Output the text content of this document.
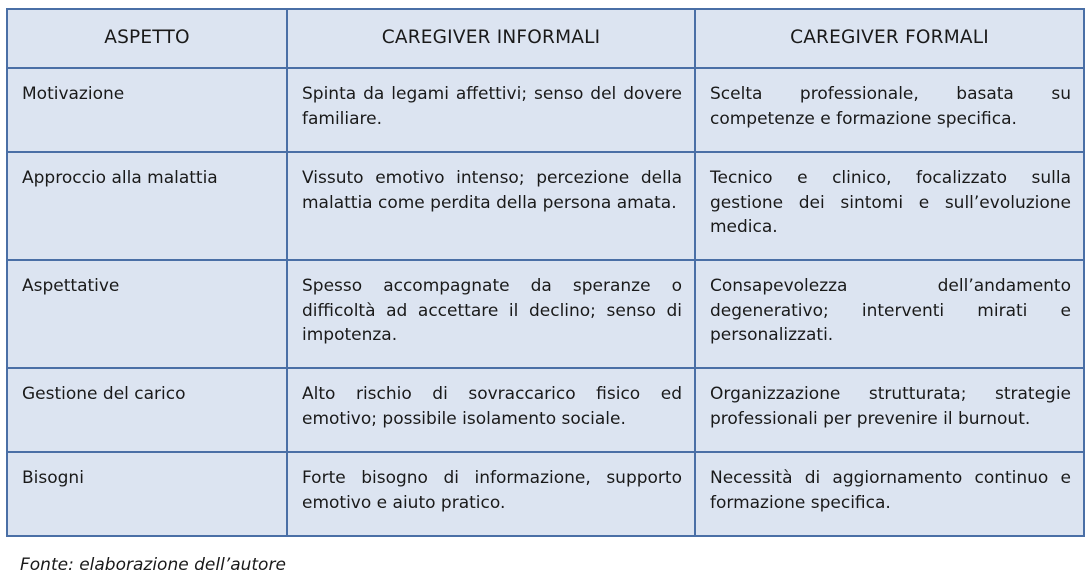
ASPETTO	CAREGIVER INFORMALI	CAREGIVER FORMALI
Motivazione	Spinta da legami affettivi; senso del dovere familiare.	Scelta professionale, basata su competenze e formazione specifica.
Approccio alla malattia	Vissuto emotivo intenso; percezione della malattia come perdita della persona amata.	Tecnico e clinico, focalizzato sulla gestione dei sintomi e sull’evoluzione medica.
Aspettative	Spesso accompagnate da speranze o difficoltà ad accettare il declino; senso di impotenza.	Consapevolezza dell’andamento degenerativo; interventi mirati e personalizzati.
Gestione del carico	Alto rischio di sovraccarico fisico ed emotivo; possibile isolamento sociale.	Organizzazione strutturata; strategie professionali per prevenire il burnout.
Bisogni	Forte bisogno di informazione, supporto emotivo e aiuto pratico.	Necessità di aggiornamento continuo e formazione specifica.
Fonte: elaborazione dell’autore
